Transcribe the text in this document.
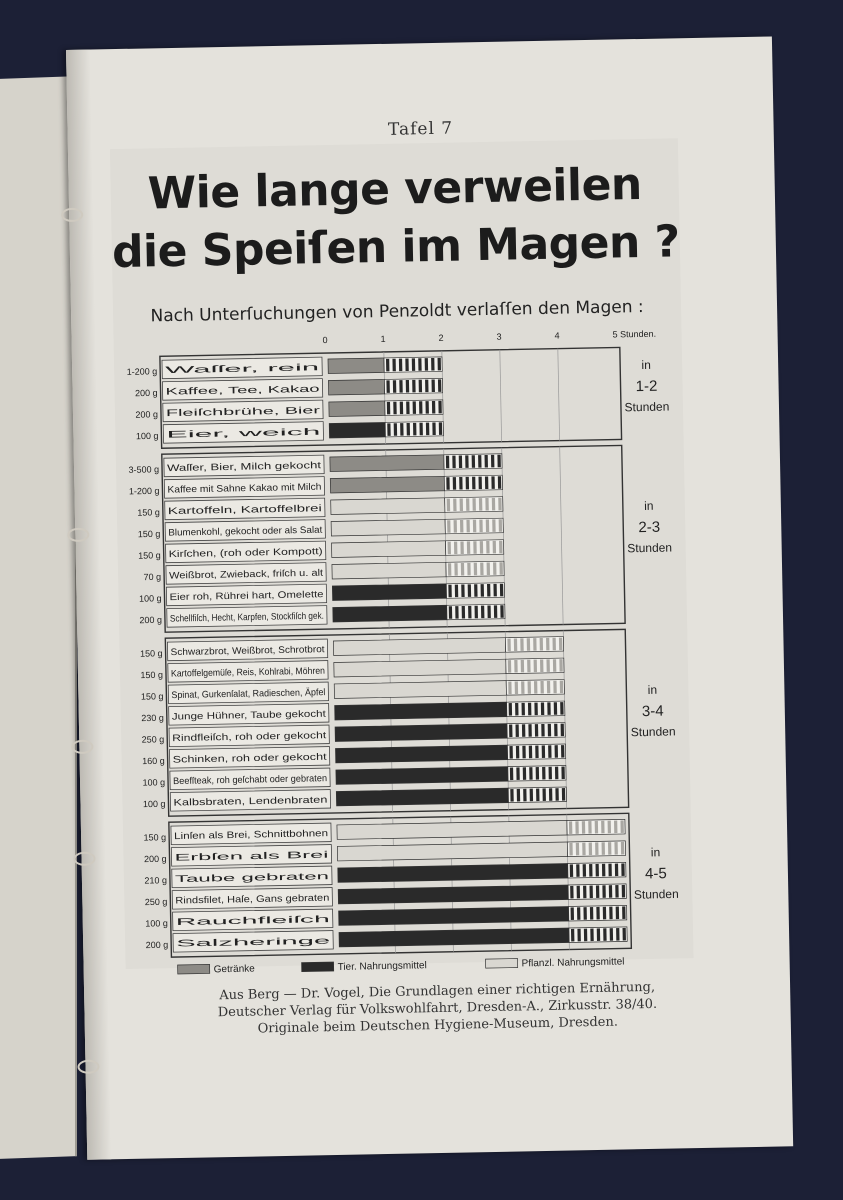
Tafel 7
Wie lange verweilen
die Speiſen im Magen ?
Nach Unterſuchungen von Penzoldt verlaſſen den Magen :
0	1	2	3	4	5 Stunden.
in
1-2
Stunden
1-200 g Waſſer, rein
200 g Kaffee, Tee, Kakao
200 g Fleiſchbrühe, Bier
100 g Eier, weich
in
2-3
Stunden
3-500 g Waſſer, Bier, Milch gekocht
1-200 g Kaffee mit Sahne Kakao mit Milch
150 g Kartoffeln, Kartoffelbrei
150 g Blumenkohl, gekocht oder als Salat
150 g Kirſchen, (roh oder Kompott)
70 g Weißbrot, Zwieback, friſch u. alt
100 g Eier roh, Rührei hart, Omelette
200 g Schellfiſch, Hecht, Karpfen, Stockfiſch gek.
in
3-4
Stunden
150 g Schwarzbrot, Weißbrot, Schrotbrot
150 g Kartoffelgemüſe, Reis, Kohlrabi, Möhren
150 g Spinat, Gurkenſalat, Radieschen, Äpfel
230 g Junge Hühner, Taube gekocht
250 g Rindfleiſch, roh oder gekocht
160 g Schinken, roh oder gekocht
100 g Beefſteak, roh geſchabt oder gebraten
100 g Kalbsbraten, Lendenbraten
in
4-5
Stunden
150 g Linſen als Brei, Schnittbohnen
200 g Erbſen als Brei
210 g Taube gebraten
250 g Rindsfilet, Haſe, Gans gebraten
100 g Rauchfleiſch
200 g Salzheringe
Getränke	Tier. Nahrungsmittel	Pflanzl. Nahrungsmittel
Aus Berg — Dr. Vogel, Die Grundlagen einer richtigen Ernährung,
Deutscher Verlag für Volkswohlfahrt, Dresden-A., Zirkusstr. 38/40.
Originale beim Deutschen Hygiene-Museum, Dresden.
